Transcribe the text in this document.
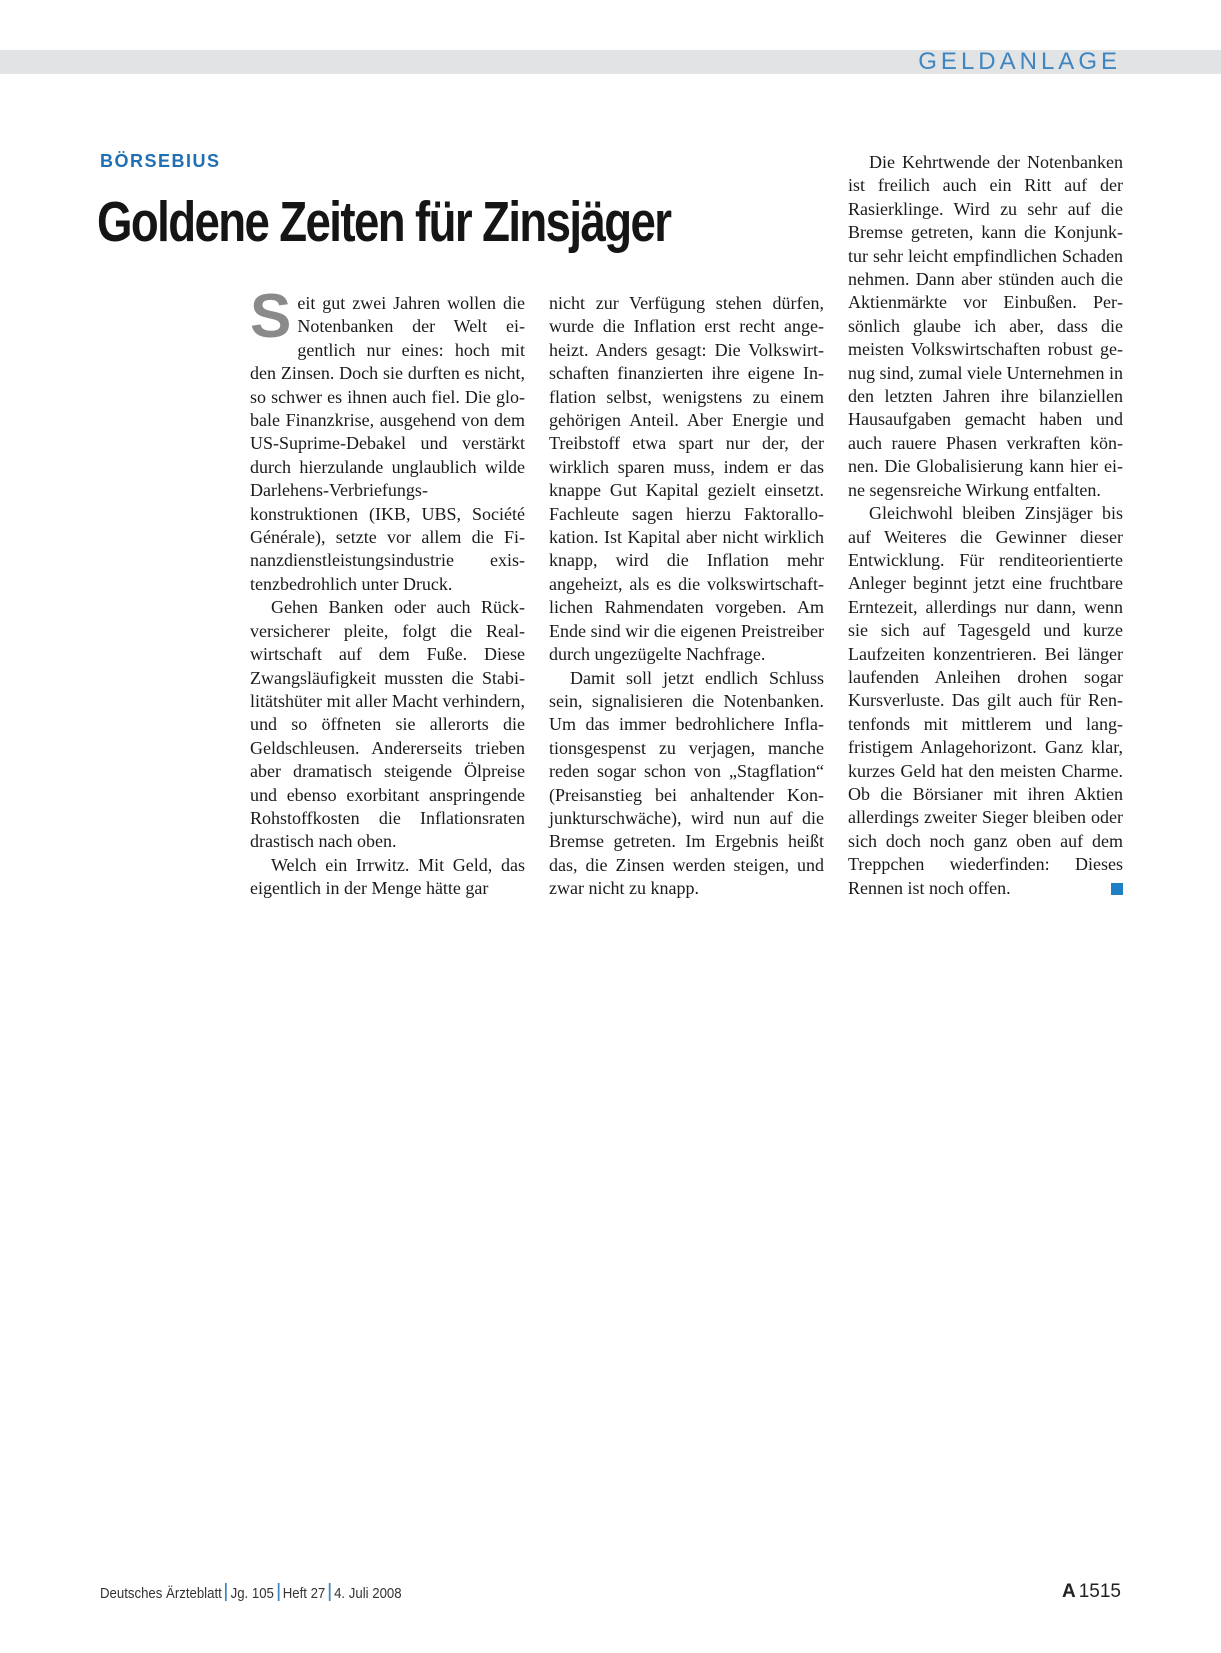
GELDANLAGE
BÖRSEBIUS
Goldene Zeiten für Zinsjäger

Seit gut zwei Jahren wollen die Notenbanken der Welt eigentlich nur eines: hoch mit den Zinsen. Doch sie durften es nicht, so schwer es ihnen auch fiel. Die globale Finanzkrise, ausgehend von dem US-Suprime-Debakel und verstärkt durch hierzulande unglaublich wilde Darlehens-Verbriefungskonstruktionen (IKB, UBS, Société Générale), setzte vor allem die Finanzdienstleistungsindustrie existenzbedrohlich unter Druck.

Gehen Banken oder auch Rückversicherer pleite, folgt die Realwirtschaft auf dem Fuße. Diese Zwangsläufigkeit mussten die Stabilitätshüter mit aller Macht verhindern, und so öffneten sie allerorts die Geldschleusen. Andererseits trieben aber dramatisch steigende Ölpreise und ebenso exorbitant anspringende Rohstoffkosten die Inflationsraten drastisch nach oben.

Welch ein Irrwitz. Mit Geld, das eigentlich in der Menge hätte gar

nicht zur Verfügung stehen dürfen, wurde die Inflation erst recht angeheizt. Anders gesagt: Die Volkswirtschaften finanzierten ihre eigene Inflation selbst, wenigstens zu einem gehörigen Anteil. Aber Energie und Treibstoff etwa spart nur der, der wirklich sparen muss, indem er das knappe Gut Kapital gezielt einsetzt. Fachleute sagen hierzu Faktorallokation. Ist Kapital aber nicht wirklich knapp, wird die Inflation mehr angeheizt, als es die volkswirtschaftlichen Rahmendaten vorgeben. Am Ende sind wir die eigenen Preistreiber durch ungezügelte Nachfrage.

Damit soll jetzt endlich Schluss sein, signalisieren die Notenbanken. Um das immer bedrohlichere Inflationsgespenst zu verjagen, manche reden sogar schon von „Stagflation“ (Preisanstieg bei anhaltender Konjunkturschwäche), wird nun auf die Bremse getreten. Im Ergebnis heißt das, die Zinsen werden steigen, und zwar nicht zu knapp.

Die Kehrtwende der Notenbanken ist freilich auch ein Ritt auf der Rasierklinge. Wird zu sehr auf die Bremse getreten, kann die Konjunktur sehr leicht empfindlichen Schaden nehmen. Dann aber stünden auch die Aktienmärkte vor Einbußen. Persönlich glaube ich aber, dass die meisten Volkswirtschaften robust genug sind, zumal viele Unternehmen in den letzten Jahren ihre bilanziellen Hausaufgaben gemacht haben und auch rauere Phasen verkraften können. Die Globalisierung kann hier eine segensreiche Wirkung entfalten.

Gleichwohl bleiben Zinsjäger bis auf Weiteres die Gewinner dieser Entwicklung. Für renditeorientierte Anleger beginnt jetzt eine fruchtbare Erntezeit, allerdings nur dann, wenn sie sich auf Tagesgeld und kurze Laufzeiten konzentrieren. Bei länger laufenden Anleihen drohen sogar Kursverluste. Das gilt auch für Rentenfonds mit mittlerem und langfristigem Anlagehorizont. Ganz klar, kurzes Geld hat den meisten Charme. Ob die Börsianer mit ihren Aktien allerdings zweiter Sieger bleiben oder sich doch noch ganz oben auf dem Treppchen wiederfinden: Dieses Rennen ist noch offen.

Deutsches Ärzteblatt Jg. 105 Heft 27 4. Juli 2008	A 1515
